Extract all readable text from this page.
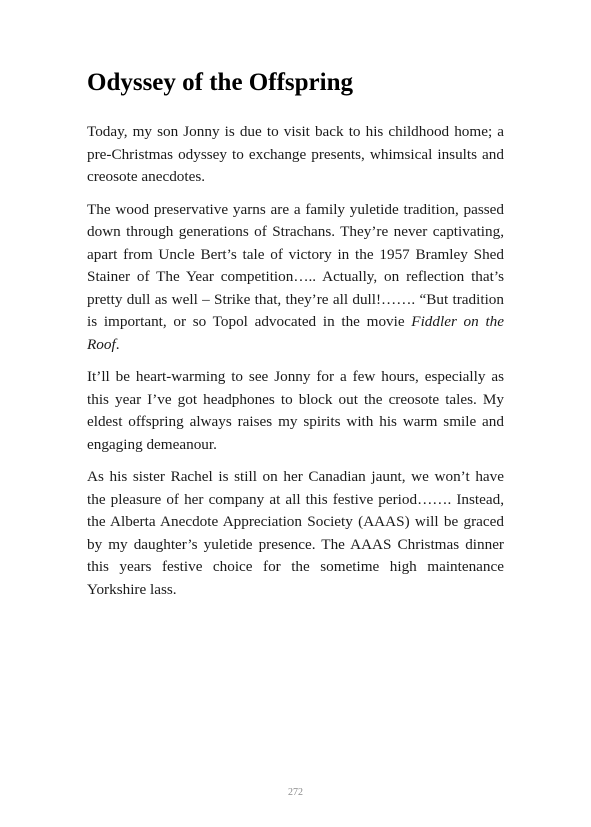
Odyssey of the Offspring

Today, my son Jonny is due to visit back to his childhood home; a pre-Christmas odyssey to exchange presents, whimsical insults and creosote anecdotes.

The wood preservative yarns are a family yuletide tradition, passed down through generations of Strachans. They’re never captivating, apart from Uncle Bert’s tale of victory in the 1957 Bramley Shed Stainer of The Year competition….. Actually, on reflection that’s pretty dull as well – Strike that, they’re all dull!……. “But tradition is important, or so Topol advocated in the movie Fiddler on the Roof.

It’ll be heart-warming to see Jonny for a few hours, especially as this year I’ve got headphones to block out the creosote tales. My eldest offspring always raises my spirits with his warm smile and engaging demeanour.

As his sister Rachel is still on her Canadian jaunt, we won’t have the pleasure of her company at all this festive period……. Instead, the Alberta Anecdote Appreciation Society (AAAS) will be graced by my daughter’s yuletide presence. The AAAS Christmas dinner this years festive choice for the sometime high maintenance Yorkshire lass.

272
